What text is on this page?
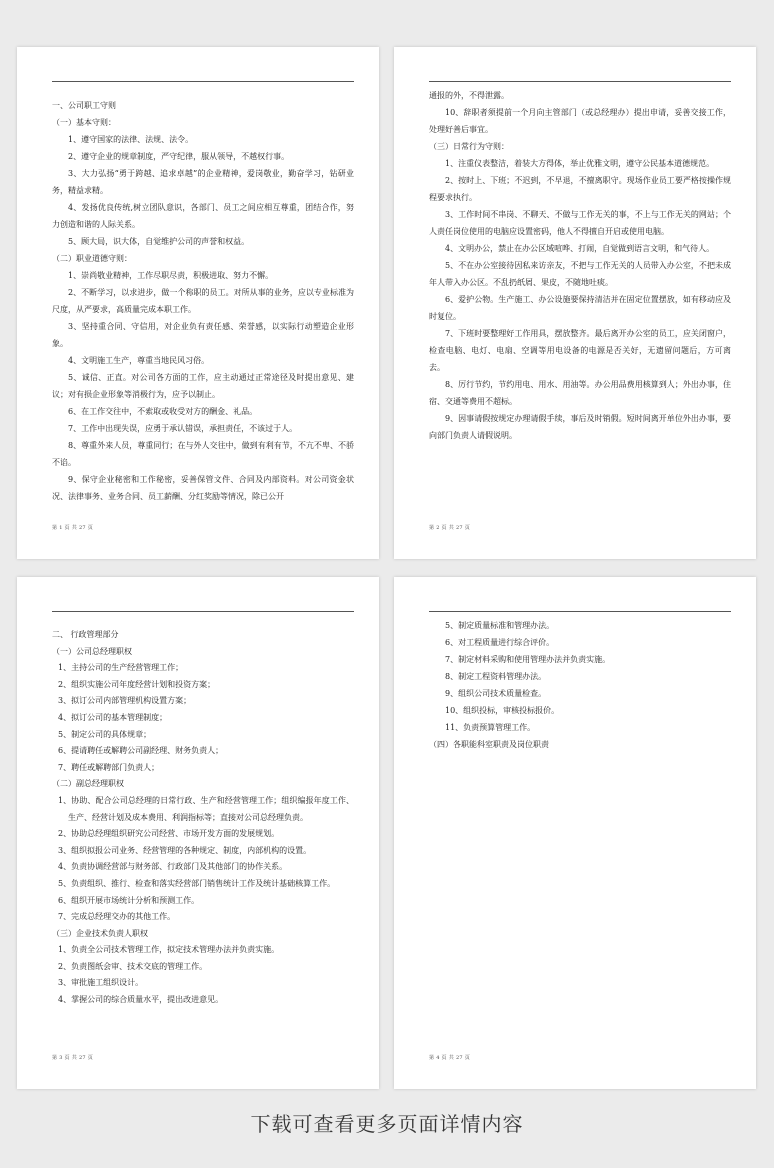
一、公司职工守则

（一）基本守则：

1、遵守国家的法律、法规、法令。

2、遵守企业的规章制度，严守纪律，服从领导，不越权行事。

3、大力弘扬“勇于跨越、追求卓越”的企业精神，爱岗敬业，勤奋学习，钻研业务，精益求精。

4、发扬优良传统,树立团队意识，各部门、员工之间应相互尊重，团结合作，努力创造和谐的人际关系。

5、顾大局，识大体，自觉维护公司的声誉和权益。

（二）职业道德守则：

1、崇尚敬业精神，工作尽职尽责，积极进取、努力不懈。

2、不断学习，以求进步，做一个称职的员工。对所从事的业务，应以专业标准为尺度，从严要求，高质量完成本职工作。

3、坚持重合同、守信用，对企业负有责任感、荣誉感，以实际行动塑造企业形象。

4、文明施工生产，尊重当地民风习俗。

5、诚信、正直。对公司各方面的工作，应主动通过正常途径及时提出意见、建议；对有损企业形象等消极行为，应予以制止。

6、在工作交往中，不索取或收受对方的酬金、礼品。

7、工作中出现失误，应勇于承认错误，承担责任，不该过于人。

8、尊重外来人员，尊重同行；在与外人交往中，做到有利有节，不亢不卑、不骄不谄。

9、保守企业秘密和工作秘密，妥善保管文件、合同及内部资料。对公司资金状况、法律事务、业务合同、员工薪酬、分红奖励等情况，除已公开

第 1 页 共 27 页

通报的外，不得泄露。

10、辞职者须提前一个月向主管部门（或总经理办）提出申请，妥善交接工作，处理好善后事宜。

（三）日常行为守则：

1、注重仪表整洁，着装大方得体，举止优雅文明，遵守公民基本道德规范。

2、按时上、下班；不迟到，不早退，不擅离职守。现场作业员工要严格按操作规程要求执行。

3、工作时间不串岗、不聊天、不做与工作无关的事，不上与工作无关的网站；个人责任岗位使用的电脑应设置密码，他人不得擅自开启或使用电脑。

4、文明办公，禁止在办公区域喧哗、打闹，自觉做到语言文明，和气待人。

5、不在办公室接待因私来访亲友，不把与工作无关的人员带入办公室，不把未成年人带入办公区。不乱扔纸屑、果皮，不随地吐痰。

6、爱护公物。生产施工、办公设施要保持清洁并在固定位置摆放，如有移动应及时复位。

7、下班时要整理好工作用具，摆放整齐。最后离开办公室的员工，应关闭窗户，检查电脑、电灯、电扇、空调等用电设备的电源是否关好，无遗留问题后，方可离去。

8、厉行节约，节约用电、用水、用油等。办公用品费用核算到人；外出办事，住宿、交通等费用不超标。

9、因事请假按规定办理请假手续，事后及时销假。短时间离开单位外出办事，要向部门负责人请假说明。

第 2 页 共 27 页

二、 行政管理部分

（一）公司总经理职权

1、主持公司的生产经营管理工作；

2、组织实施公司年度经营计划和投资方案；

3、拟订公司内部管理机构设置方案；

4、拟订公司的基本管理制度；

5、制定公司的具体规章；

6、提请聘任或解聘公司副经理、财务负责人；

7、聘任或解聘部门负责人；

（二）副总经理职权

1、协助、配合公司总经理的日常行政、生产和经营管理工作；组织编报年度工作、生产、经营计划及成本费用、利润指标等；直接对公司总经理负责。

2、协助总经理组织研究公司经营、市场开发方面的发展规划。

3、组织拟报公司业务、经营管理的各种规定、制度，内部机构的设置。

4、负责协调经营部与财务部、行政部门及其他部门的协作关系。

5、负责组织、推行、检查和落实经营部门销售统计工作及统计基础核算工作。

6、组织开展市场统计分析和预测工作。

7、完成总经理交办的其他工作。

（三）企业技术负责人职权

1、负责全公司技术管理工作，拟定技术管理办法并负责实施。

2、负责图纸会审、技术交底的管理工作。

3、审批施工组织设计。

4、掌握公司的综合质量水平，提出改进意见。

第 3 页 共 27 页

5、制定质量标准和管理办法。

6、对工程质量进行综合评价。

7、制定材料采购和使用管理办法并负责实施。

8、制定工程资料管理办法。

9、组织公司技术质量检查。

10、组织投标，审核投标报价。

11、负责预算管理工作。

（四）各职能科室职责及岗位职责

第 4 页 共 27 页
下载可查看更多页面详情内容
